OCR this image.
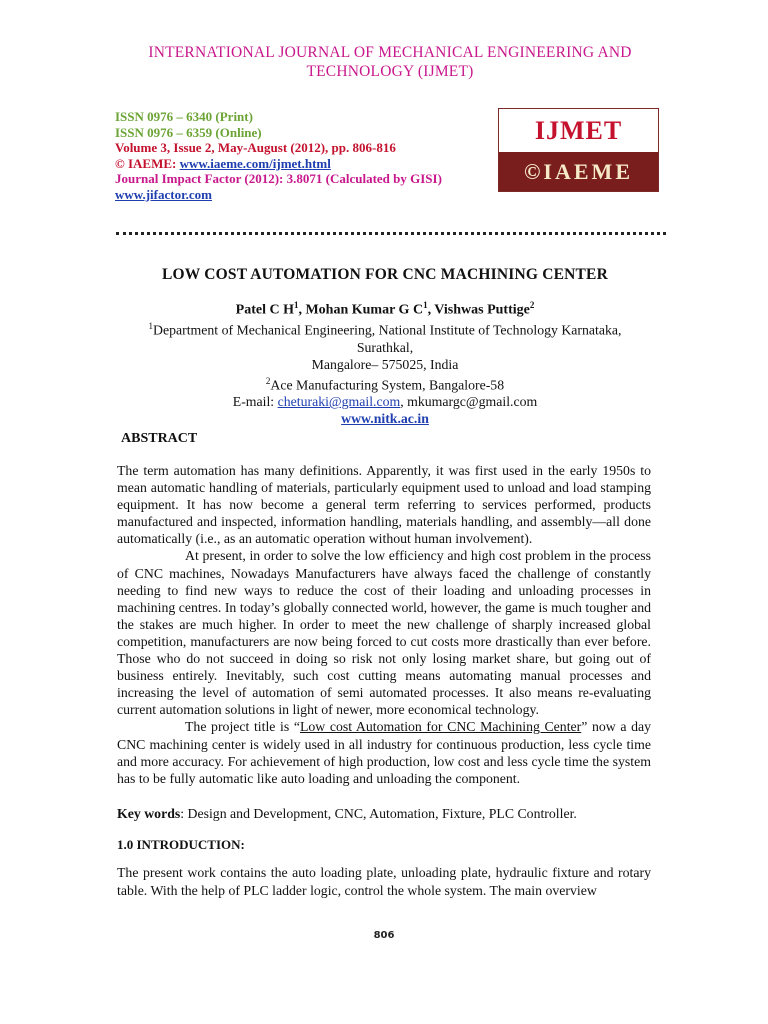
INTERNATIONAL JOURNAL OF MECHANICAL ENGINEERING AND
TECHNOLOGY (IJMET)
ISSN 0976 – 6340 (Print)
ISSN 0976 – 6359 (Online)
Volume 3, Issue 2, May-August (2012), pp. 806-816
© IAEME: www.iaeme.com/ijmet.html
Journal Impact Factor (2012): 3.8071 (Calculated by GISI)
www.jifactor.com
IJMET
©IAEME
LOW COST AUTOMATION FOR CNC MACHINING CENTER
Patel C $H^1$, Mohan Kumar G $C^1$, Vishwas Puttige$^2$
$^1$Department of Mechanical Engineering, National Institute of Technology Karnataka,
Surathkal,
Mangalore– 575025, India
$^2$Ace Manufacturing System, Bangalore-58
E-mail: cheturaki@gmail.com, mkumargc@gmail.com
www.nitk.ac.in
ABSTRACT

The term automation has many definitions. Apparently, it was first used in the early 1950s to mean automatic handling of materials, particularly equipment used to unload and load stamping equipment. It has now become a general term referring to services performed, products manufactured and inspected, information handling, materials handling, and assembly—all done automatically (i.e., as an automatic operation without human involvement).

At present, in order to solve the low efficiency and high cost problem in the process of CNC machines, Nowadays Manufacturers have always faced the challenge of constantly needing to find new ways to reduce the cost of their loading and unloading processes in machining centres. In today’s globally connected world, however, the game is much tougher and the stakes are much higher. In order to meet the new challenge of sharply increased global competition, manufacturers are now being forced to cut costs more drastically than ever before. Those who do not succeed in doing so risk not only losing market share, but going out of business entirely. Inevitably, such cost cutting means automating manual processes and increasing the level of automation of semi automated processes. It also means re-evaluating current automation solutions in light of newer, more economical technology.

The project title is “Low cost Automation for CNC Machining Center” now a day CNC machining center is widely used in all industry for continuous production, less cycle time and more accuracy. For achievement of high production, low cost and less cycle time the system has to be fully automatic like auto loading and unloading the component.

Key words: Design and Development, CNC, Automation, Fixture, PLC Controller.
1.0 INTRODUCTION:
The present work contains the auto loading plate, unloading plate, hydraulic fixture and rotary table. With the help of PLC ladder logic, control the whole system. The main overview
806
